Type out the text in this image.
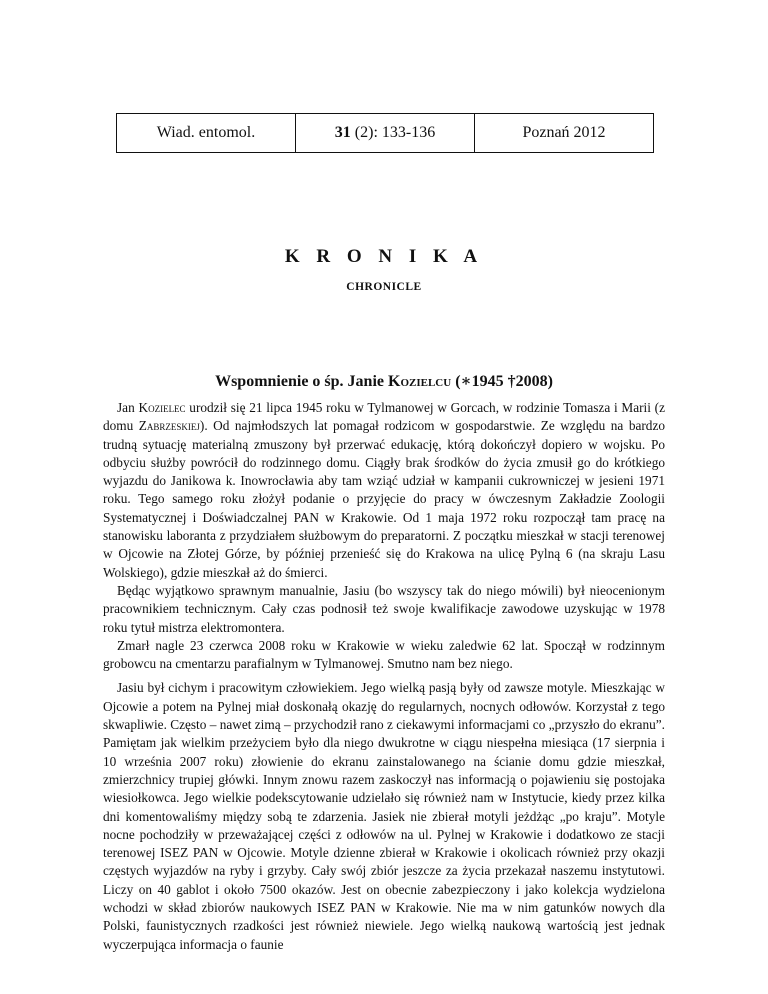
Wiad. entomol.	31 (2): 133-136	Poznań 2012
K R O N I K A
CHRONICLE
Wspomnienie o śp. Janie Kozielcu (∗1945 †2008)

Jan Kozielec urodził się 21 lipca 1945 roku w Tylmanowej w Gorcach, w rodzinie Tomasza i Marii (z domu Zabrzeskiej). Od najmłodszych lat pomagał rodzicom w gospodarstwie. Ze względu na bardzo trudną sytuację materialną zmuszony był przerwać edukację, którą dokończył dopiero w wojsku. Po odbyciu służby powrócił do rodzinnego domu. Ciągły brak środków do życia zmusił go do krótkiego wyjazdu do Janikowa k. Inowrocławia aby tam wziąć udział w kampanii cukrowniczej w jesieni 1971 roku. Tego samego roku złożył podanie o przyjęcie do pracy w ówczesnym Zakładzie Zoologii Systematycznej i Doświadczalnej PAN w Krakowie. Od 1 maja 1972 roku rozpoczął tam pracę na stanowisku laboranta z przydziałem służbowym do preparatorni. Z początku mieszkał w stacji terenowej w Ojcowie na Złotej Górze, by później przenieść się do Krakowa na ulicę Pylną 6 (na skraju Lasu Wolskiego), gdzie mieszkał aż do śmierci.

Będąc wyjątkowo sprawnym manualnie, Jasiu (bo wszyscy tak do niego mówili) był nieocenionym pracownikiem technicznym. Cały czas podnosił też swoje kwalifikacje zawodowe uzyskując w 1978 roku tytuł mistrza elektromontera.

Zmarł nagle 23 czerwca 2008 roku w Krakowie w wieku zaledwie 62 lat. Spoczął w rodzinnym grobowcu na cmentarzu parafialnym w Tylmanowej. Smutno nam bez niego.

Jasiu był cichym i pracowitym człowiekiem. Jego wielką pasją były od zawsze motyle. Mieszkając w Ojcowie a potem na Pylnej miał doskonałą okazję do regularnych, nocnych odłowów. Korzystał z tego skwapliwie. Często – nawet zimą – przychodził rano z ciekawymi informacjami co „przyszło do ekranu”. Pamiętam jak wielkim przeżyciem było dla niego dwukrotne w ciągu niespełna miesiąca (17 sierpnia i 10 września 2007 roku) złowienie do ekranu zainstalowanego na ścianie domu gdzie mieszkał, zmierzchnicy trupiej główki. Innym znowu razem zaskoczył nas informacją o pojawieniu się postojaka wiesiołkowca. Jego wielkie podekscytowanie udzielało się również nam w Instytucie, kiedy przez kilka dni komentowaliśmy między sobą te zdarzenia. Jasiek nie zbierał motyli jeżdżąc „po kraju”. Motyle nocne pochodziły w przeważającej części z odłowów na ul. Pylnej w Krakowie i dodatkowo ze stacji terenowej ISEZ PAN w Ojcowie. Motyle dzienne zbierał w Krakowie i okolicach również przy okazji częstych wyjazdów na ryby i grzyby. Cały swój zbiór jeszcze za życia przekazał naszemu instytutowi. Liczy on 40 gablot i około 7500 okazów. Jest on obecnie zabezpieczony i jako kolekcja wydzielona wchodzi w skład zbiorów naukowych ISEZ PAN w Krakowie. Nie ma w nim gatunków nowych dla Polski, faunistycznych rzadkości jest również niewiele. Jego wielką naukową wartością jest jednak wyczerpująca informacja o faunie
